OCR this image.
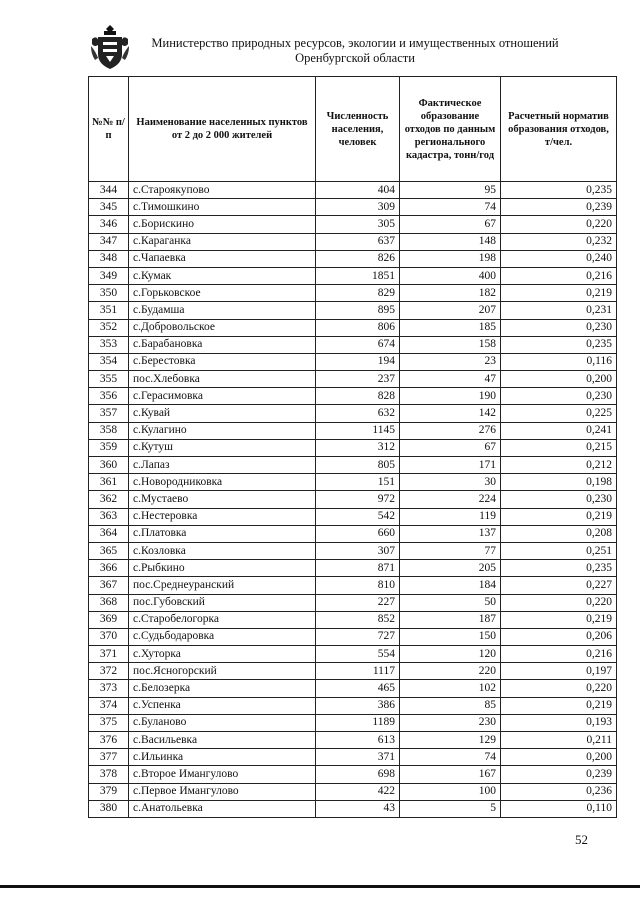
Министерство природных ресурсов, экологии и имущественных отношений
Оренбургской области
№№ п/п	Наименование населенных пунктов от 2 до 2 000 жителей	Численность населения, человек	Фактическое образование отходов по данным регионального кадастра, тонн/год	Расчетный норматив образования отходов, т/чел.
344	с.Староякупово	404	95	0,235
345	с.Тимошкино	309	74	0,239
346	с.Борискино	305	67	0,220
347	с.Караганка	637	148	0,232
348	с.Чапаевка	826	198	0,240
349	с.Кумак	1851	400	0,216
350	с.Горьковское	829	182	0,219
351	с.Будамша	895	207	0,231
352	с.Добровольское	806	185	0,230
353	с.Барабановка	674	158	0,235
354	с.Берестовка	194	23	0,116
355	пос.Хлебовка	237	47	0,200
356	с.Герасимовка	828	190	0,230
357	с.Кувай	632	142	0,225
358	с.Кулагино	1145	276	0,241
359	с.Кутуш	312	67	0,215
360	с.Лапаз	805	171	0,212
361	с.Новородниковка	151	30	0,198
362	с.Мустаево	972	224	0,230
363	с.Нестеровка	542	119	0,219
364	с.Платовка	660	137	0,208
365	с.Козловка	307	77	0,251
366	с.Рыбкино	871	205	0,235
367	пос.Среднеуранский	810	184	0,227
368	пос.Губовский	227	50	0,220
369	с.Старобелогорка	852	187	0,219
370	с.Судьбодаровка	727	150	0,206
371	с.Хуторка	554	120	0,216
372	пос.Ясногорский	1117	220	0,197
373	с.Белозерка	465	102	0,220
374	с.Успенка	386	85	0,219
375	с.Буланово	1189	230	0,193
376	с.Васильевка	613	129	0,211
377	с.Ильинка	371	74	0,200
378	с.Второе Имангулово	698	167	0,239
379	с.Первое Имангулово	422	100	0,236
380	с.Анатольевка	43	5	0,110
52
